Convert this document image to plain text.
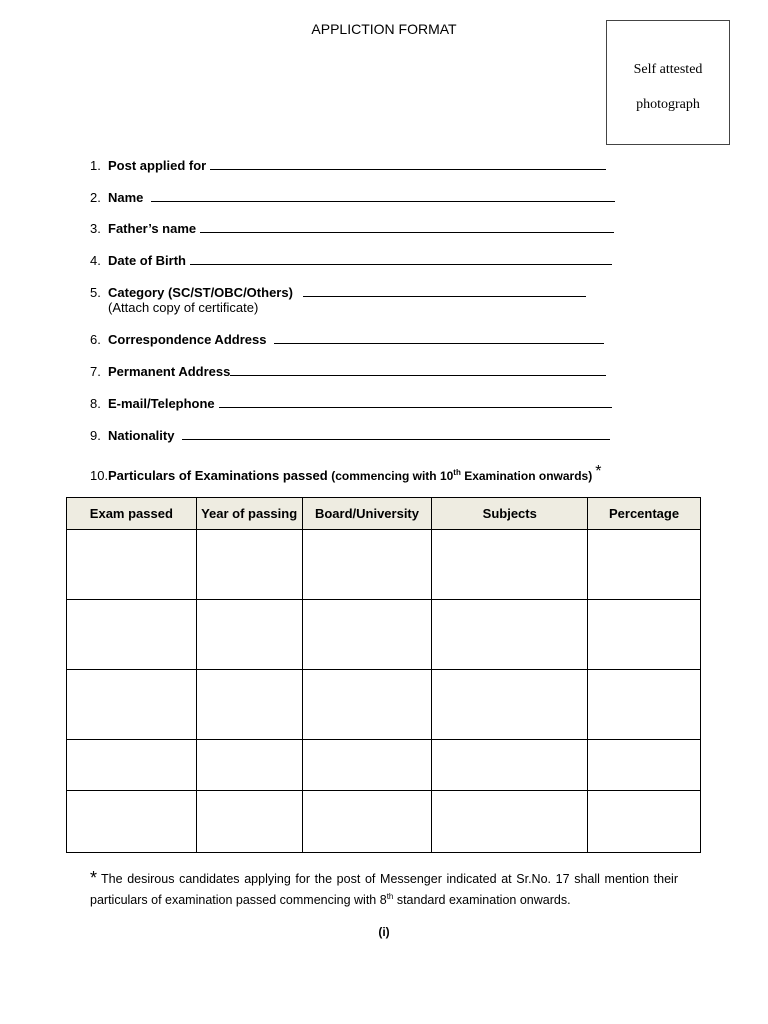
APPLICTION FORMAT
Self attested
photograph
1. Post applied for
2. Name
3. Father’s name
4. Date of Birth
5. Category (SC/ST/OBC/Others)
(Attach copy of certificate)
6. Correspondence Address
7. Permanent Address
8. E-mail/Telephone
9. Nationality
10.Particulars of Examinations passed (commencing with 10th Examination onwards) *
Exam passed	Year of passing	Board/University	Subjects	Percentage

* The desirous candidates applying for the post of Messenger indicated at Sr.No. 17 shall mention their particulars of examination passed commencing with 8th standard examination onwards.
(i)
